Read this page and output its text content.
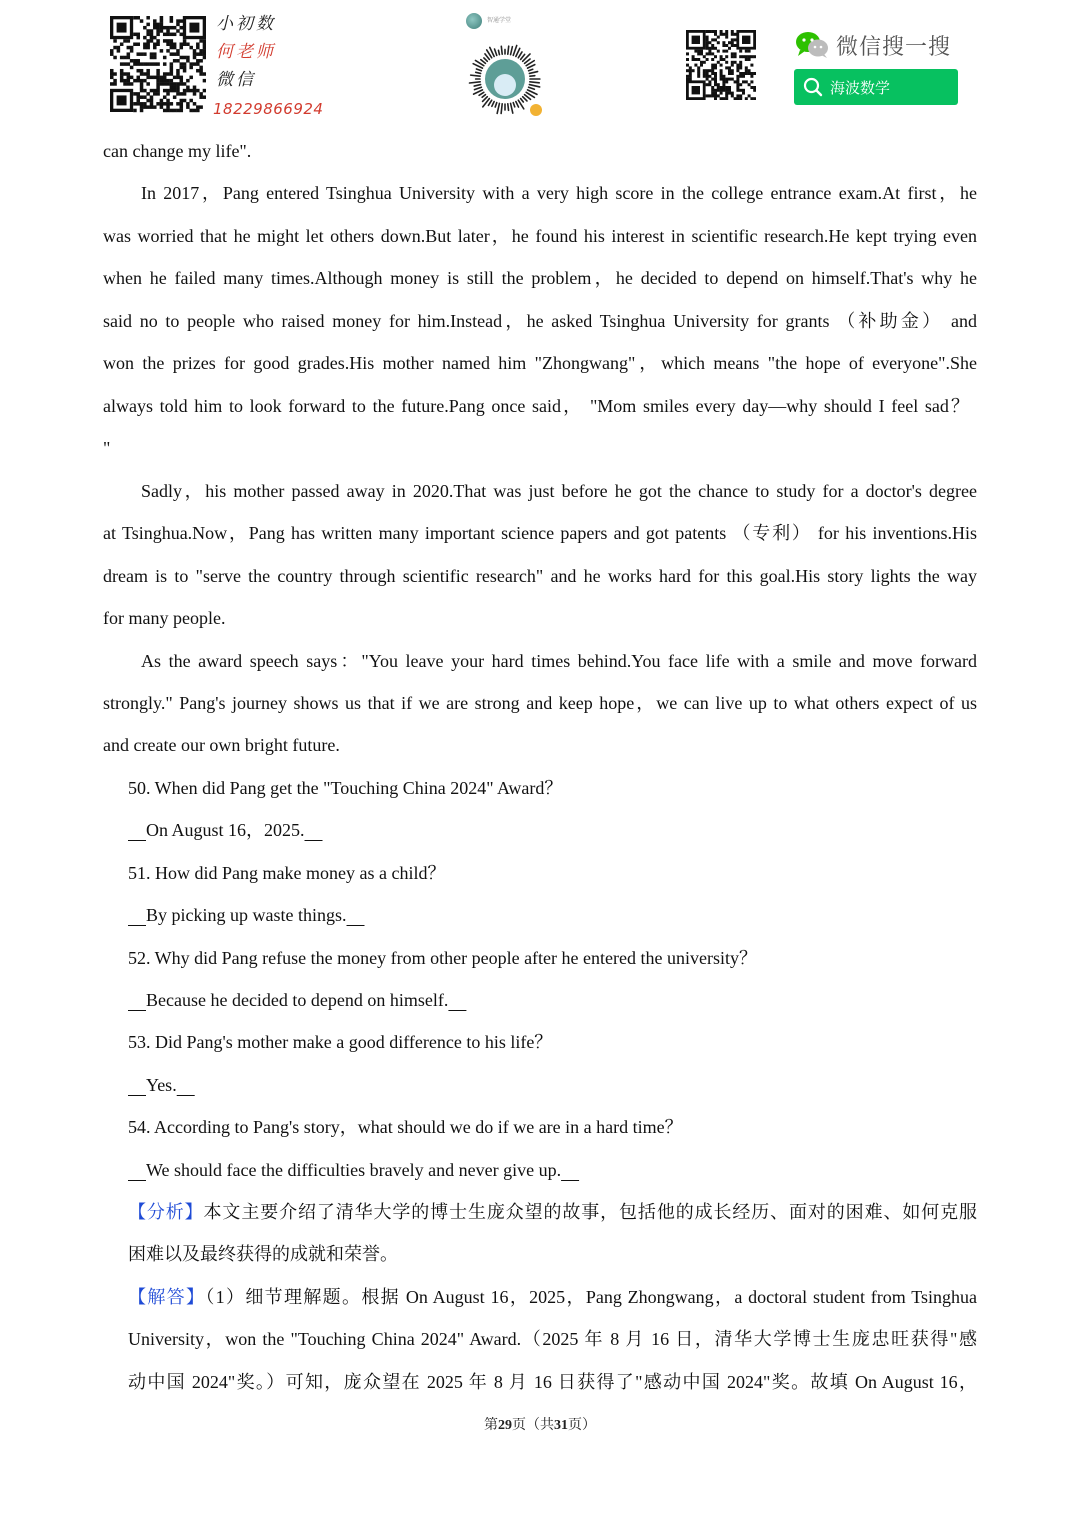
小初数
何老师
微信
18229866924
智通学堂
微信搜一搜
海波数学
can change my life".
In 2017，Pang entered Tsinghua University with a very high score in the college entrance exam.At first，he
was worried that he might let others down.But later，he found his interest in scientific research.He kept trying even
when he failed many times.Although money is still the problem，he decided to depend on himself.That's why he
said no to people who raised money for him.Instead，he asked Tsinghua University for grants （补助金） and
won the prizes for good grades.His mother named him "Zhongwang"，which means "the hope of everyone".She
always told him to look forward to the future.Pang once said， "Mom smiles every day—why should I feel sad？
"
Sadly，his mother passed away in 2020.That was just before he got the chance to study for a doctor's degree
at Tsinghua.Now，Pang has written many important science papers and got patents （专利） for his inventions.His
dream is to "serve the country through scientific research" and he works hard for this goal.His story lights the way
for many people.
As the award speech says："You leave your hard times behind.You face life with a smile and move forward
strongly." Pang's journey shows us that if we are strong and keep hope，we can live up to what others expect of us
and create our own bright future.
50. When did Pang get the "Touching China 2024" Award？
On August 16，2025.
51. How did Pang make money as a child？
By picking up waste things.
52. Why did Pang refuse the money from other people after he entered the university？
Because he decided to depend on himself.
53. Did Pang's mother make a good difference to his life？
Yes.
54. According to Pang's story，what should we do if we are in a hard time？
We should face the difficulties bravely and never give up.
【分析】本文主要介绍了清华大学的博士生庞众望的故事，包括他的成长经历、面对的困难、如何克服
困难以及最终获得的成就和荣誉。
【解答】（1）细节理解题。根据 On August 16，2025，Pang Zhongwang，a doctoral student from Tsinghua
University，won the "Touching China 2024" Award.（2025 年 8 月 16 日，清华大学博士生庞忠旺获得"感
动中国 2024"奖。）可知，庞众望在 2025 年 8 月 16 日获得了"感动中国 2024"奖。故填 On August 16，
第29页（共31页）
